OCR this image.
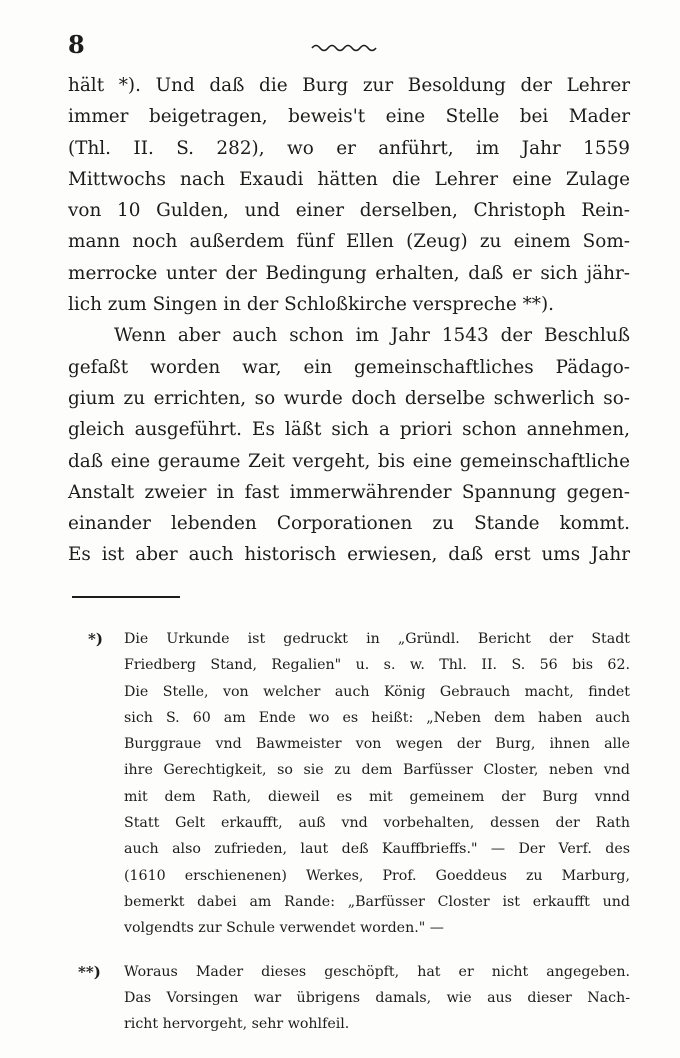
8
hält *). Und daß die Burg zur Besoldung der Lehrer
immer beigetragen, beweis't eine Stelle bei Mader
(Thl. II. S. 282), wo er anführt, im Jahr 1559
Mittwochs nach Exaudi hätten die Lehrer eine Zulage
von 10 Gulden, und einer derselben, Christoph Rein-
mann noch außerdem fünf Ellen (Zeug) zu einem Som-
merrocke unter der Bedingung erhalten, daß er sich jähr-
lich zum Singen in der Schloßkirche verspreche **).
Wenn aber auch schon im Jahr 1543 der Beschluß
gefaßt worden war, ein gemeinschaftliches Pädago-
gium zu errichten, so wurde doch derselbe schwerlich so-
gleich ausgeführt. Es läßt sich a priori schon annehmen,
daß eine geraume Zeit vergeht, bis eine gemeinschaftliche
Anstalt zweier in fast immerwährender Spannung gegen-
einander lebenden Corporationen zu Stande kommt.
Es ist aber auch historisch erwiesen, daß erst ums Jahr
*) Die Urkunde ist gedruckt in „Gründl. Bericht der Stadt
Friedberg Stand, Regalien" u. s. w. Thl. II. S. 56 bis 62.
Die Stelle, von welcher auch König Gebrauch macht, findet
sich S. 60 am Ende wo es heißt: „Neben dem haben auch
Burggraue vnd Bawmeister von wegen der Burg, ihnen alle
ihre Gerechtigkeit, so sie zu dem Barfüsser Closter, neben vnd
mit dem Rath, dieweil es mit gemeinem der Burg vnnd
Statt Gelt erkaufft, auß vnd vorbehalten, dessen der Rath
auch also zufrieden, laut deß Kauffbrieffs." — Der Verf. des
(1610 erschienenen) Werkes, Prof. Goeddeus zu Marburg,
bemerkt dabei am Rande: „Barfüsser Closter ist erkaufft und
volgendts zur Schule verwendet worden." —
**) Woraus Mader dieses geschöpft, hat er nicht angegeben.
Das Vorsingen war übrigens damals, wie aus dieser Nach-
richt hervorgeht, sehr wohlfeil.
